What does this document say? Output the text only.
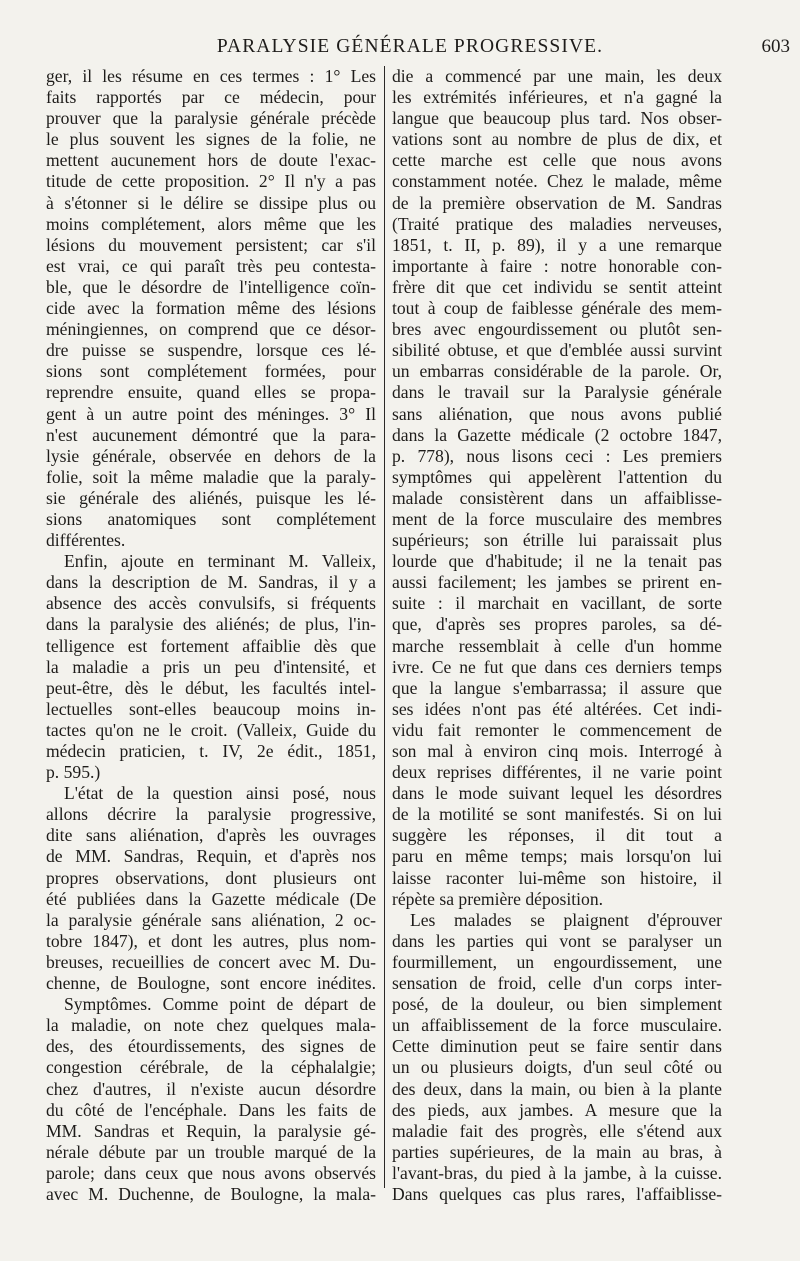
PARALYSIE GÉNÉRALE PROGRESSIVE.	603
ger, il les résume en ces termes : 1° Les
faits rapportés par ce médecin, pour
prouver que la paralysie générale précède
le plus souvent les signes de la folie, ne
mettent aucunement hors de doute l'exac-
titude de cette proposition. 2° Il n'y a pas
à s'étonner si le délire se dissipe plus ou
moins complétement, alors même que les
lésions du mouvement persistent; car s'il
est vrai, ce qui paraît très peu contesta-
ble, que le désordre de l'intelligence coïn-
cide avec la formation même des lésions
méningiennes, on comprend que ce désor-
dre puisse se suspendre, lorsque ces lé-
sions sont complétement formées, pour
reprendre ensuite, quand elles se propa-
gent à un autre point des méninges. 3° Il
n'est aucunement démontré que la para-
lysie générale, observée en dehors de la
folie, soit la même maladie que la paraly-
sie générale des aliénés, puisque les lé-
sions anatomiques sont complétement
différentes.
Enfin, ajoute en terminant M. Valleix,
dans la description de M. Sandras, il y a
absence des accès convulsifs, si fréquents
dans la paralysie des aliénés; de plus, l'in-
telligence est fortement affaiblie dès que
la maladie a pris un peu d'intensité, et
peut-être, dès le début, les facultés intel-
lectuelles sont-elles beaucoup moins in-
tactes qu'on ne le croit. (Valleix, Guide du
médecin praticien, t. IV, 2e édit., 1851,
p. 595.)
L'état de la question ainsi posé, nous
allons décrire la paralysie progressive,
dite sans aliénation, d'après les ouvrages
de MM. Sandras, Requin, et d'après nos
propres observations, dont plusieurs ont
été publiées dans la Gazette médicale (De
la paralysie générale sans aliénation, 2 oc-
tobre 1847), et dont les autres, plus nom-
breuses, recueillies de concert avec M. Du-
chenne, de Boulogne, sont encore inédites.
Symptômes. Comme point de départ de
la maladie, on note chez quelques mala-
des, des étourdissements, des signes de
congestion cérébrale, de la céphalalgie;
chez d'autres, il n'existe aucun désordre
du côté de l'encéphale. Dans les faits de
MM. Sandras et Requin, la paralysie gé-
nérale débute par un trouble marqué de la
parole; dans ceux que nous avons observés
avec M. Duchenne, de Boulogne, la mala-
die a commencé par une main, les deux
les extrémités inférieures, et n'a gagné la
langue que beaucoup plus tard. Nos obser-
vations sont au nombre de plus de dix, et
cette marche est celle que nous avons
constamment notée. Chez le malade, même
de la première observation de M. Sandras
(Traité pratique des maladies nerveuses,
1851, t. II, p. 89), il y a une remarque
importante à faire : notre honorable con-
frère dit que cet individu se sentit atteint
tout à coup de faiblesse générale des mem-
bres avec engourdissement ou plutôt sen-
sibilité obtuse, et que d'emblée aussi survint
un embarras considérable de la parole. Or,
dans le travail sur la Paralysie générale
sans aliénation, que nous avons publié
dans la Gazette médicale (2 octobre 1847,
p. 778), nous lisons ceci : Les premiers
symptômes qui appelèrent l'attention du
malade consistèrent dans un affaiblisse-
ment de la force musculaire des membres
supérieurs; son étrille lui paraissait plus
lourde que d'habitude; il ne la tenait pas
aussi facilement; les jambes se prirent en-
suite : il marchait en vacillant, de sorte
que, d'après ses propres paroles, sa dé-
marche ressemblait à celle d'un homme
ivre. Ce ne fut que dans ces derniers temps
que la langue s'embarrassa; il assure que
ses idées n'ont pas été altérées. Cet indi-
vidu fait remonter le commencement de
son mal à environ cinq mois. Interrogé à
deux reprises différentes, il ne varie point
dans le mode suivant lequel les désordres
de la motilité se sont manifestés. Si on lui
suggère les réponses, il dit tout a
paru en même temps; mais lorsqu'on lui
laisse raconter lui-même son histoire, il
répète sa première déposition.
Les malades se plaignent d'éprouver
dans les parties qui vont se paralyser un
fourmillement, un engourdissement, une
sensation de froid, celle d'un corps inter-
posé, de la douleur, ou bien simplement
un affaiblissement de la force musculaire.
Cette diminution peut se faire sentir dans
un ou plusieurs doigts, d'un seul côté ou
des deux, dans la main, ou bien à la plante
des pieds, aux jambes. A mesure que la
maladie fait des progrès, elle s'étend aux
parties supérieures, de la main au bras, à
l'avant-bras, du pied à la jambe, à la cuisse.
Dans quelques cas plus rares, l'affaiblisse-
